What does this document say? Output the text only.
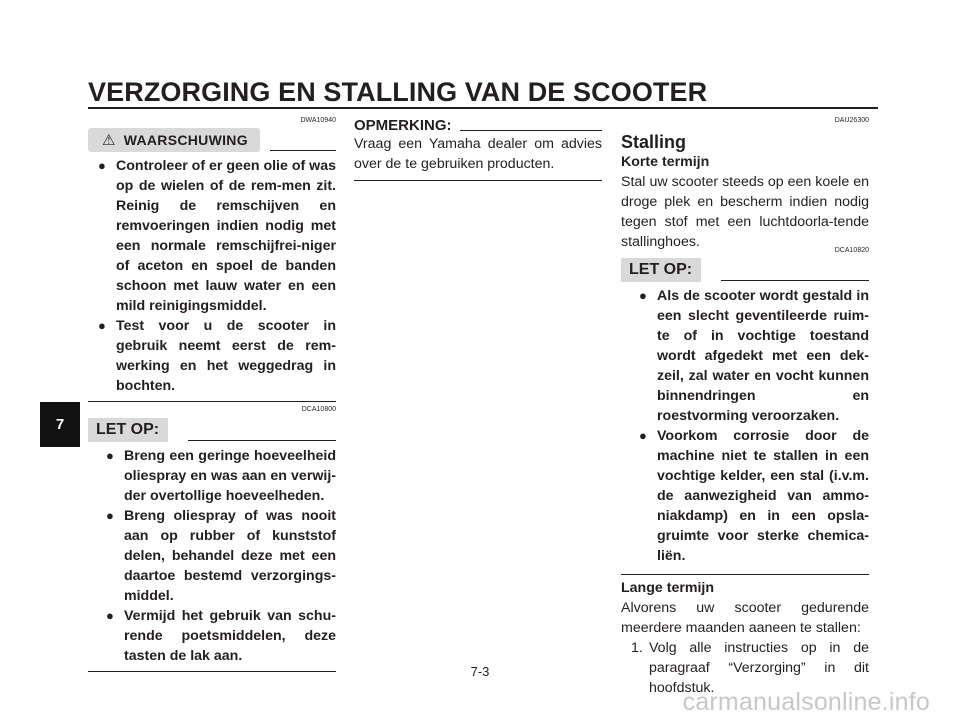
VERZORGING EN STALLING VAN DE SCOOTER
7
DWA10940
⚠ WAARSCHUWING
● Controleer of er geen olie of was op de wielen of de rem-men zit. Reinig de remschijven en remvoeringen indien nodig met een normale remschijfrei-niger of aceton en spoel de banden schoon met lauw water en een mild reinigingsmiddel.
● Test voor u de scooter in gebruik neemt eerst de rem-werking en het weggedrag in bochten.
DCA10800
LET OP:
● Breng een geringe hoeveelheid oliespray en was aan en verwij-der overtollige hoeveelheden.
● Breng oliespray of was nooit aan op rubber of kunststof delen, behandel deze met een daartoe bestemd verzorgings-middel.
● Vermijd het gebruik van schu-rende poetsmiddelen, deze tasten de lak aan.
OPMERKING:
Vraag een Yamaha dealer om advies over de te gebruiken producten.
DAU26300
Stalling
Korte termijn
Stal uw scooter steeds op een koele en droge plek en bescherm indien nodig tegen stof met een luchtdoorla-tende stallinghoes.
DCA10820
LET OP:
● Als de scooter wordt gestald in een slecht geventileerde ruim-te of in vochtige toestand wordt afgedekt met een dek-zeil, zal water en vocht kunnen binnendringen en roestvorming veroorzaken.
● Voorkom corrosie door de machine niet te stallen in een vochtige kelder, een stal (i.v.m. de aanwezigheid van ammo-niakdamp) en in een opsla-gruimte voor sterke chemica-liën.
Lange termijn
Alvorens uw scooter gedurende meerdere maanden aaneen te stallen:
1. Volg alle instructies op in de paragraaf “Verzorging” in dit hoofdstuk.
7-3
carmanualsonline.info
